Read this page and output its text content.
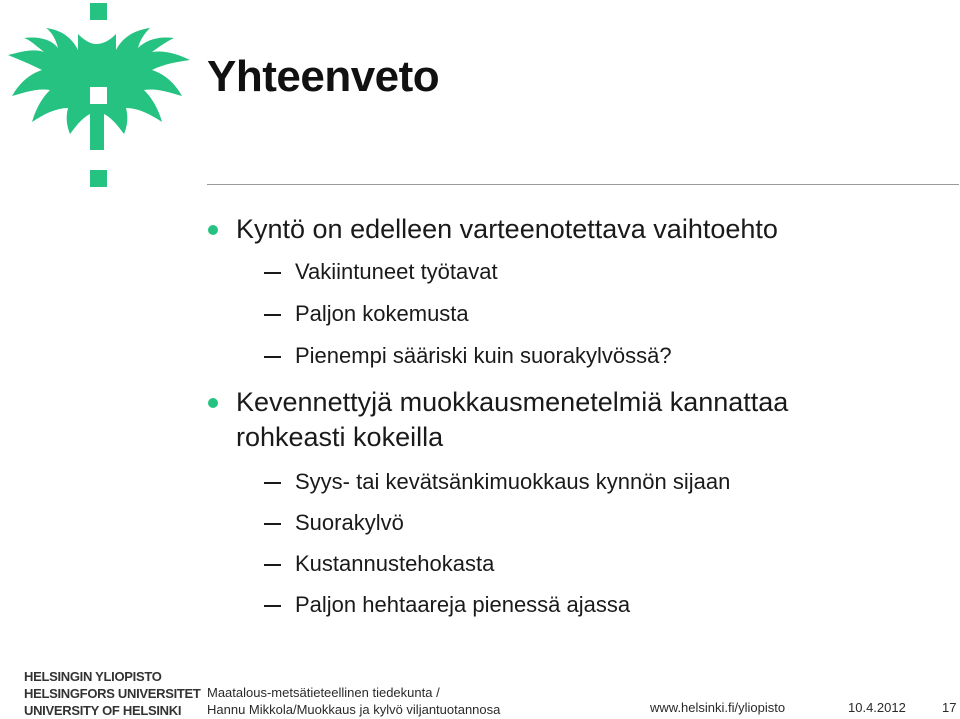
Yhteenveto
Kyntö on edelleen varteenotettava vaihtoehto
Vakiintuneet työtavat
Paljon kokemusta
Pienempi sääriski kuin suorakylvössä?
Kevennettyjä muokkausmenetelmiä kannattaa
rohkeasti kokeilla
Syys- tai kevätsänkimuokkaus kynnön sijaan
Suorakylvö
Kustannustehokasta
Paljon hehtaareja pienessä ajassa
HELSINGIN YLIOPISTO
HELSINGFORS UNIVERSITET
UNIVERSITY OF HELSINKI
Maatalous-metsätieteellinen tiedekunta /
Hannu Mikkola/Muokkaus ja kylvö viljantuotannosa	www.helsinki.fi/yliopisto	10.4.2012	17
